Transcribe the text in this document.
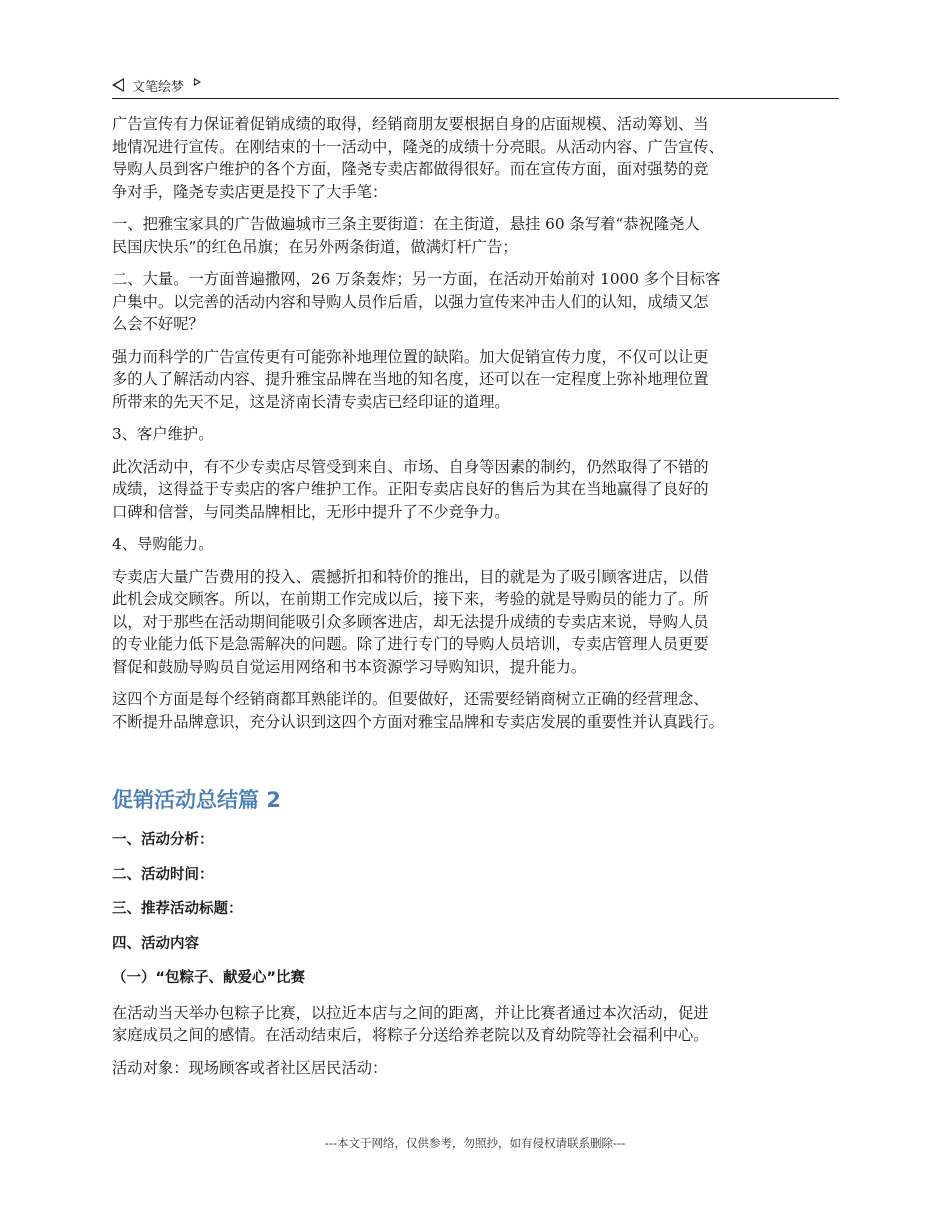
文笔绘梦

广告宣传有力保证着促销成绩的取得，经销商朋友要根据自身的店面规模、活动筹划、当
地情况进行宣传。在刚结束的十一活动中，隆尧的成绩十分亮眼。从活动内容、广告宣传、
导购人员到客户维护的各个方面，隆尧专卖店都做得很好。而在宣传方面，面对强势的竞
争对手，隆尧专卖店更是投下了大手笔：

一、把雅宝家具的广告做遍城市三条主要街道：在主街道，悬挂 60 条写着“恭祝隆尧人
民国庆快乐”的红色吊旗；在另外两条街道，做满灯杆广告；

二、大量。一方面普遍撒网，26 万条轰炸；另一方面，在活动开始前对 1000 多个目标客
户集中。以完善的活动内容和导购人员作后盾，以强力宣传来冲击人们的认知，成绩又怎
么会不好呢？

强力而科学的广告宣传更有可能弥补地理位置的缺陷。加大促销宣传力度，不仅可以让更
多的人了解活动内容、提升雅宝品牌在当地的知名度，还可以在一定程度上弥补地理位置
所带来的先天不足，这是济南长清专卖店已经印证的道理。

3、客户维护。

此次活动中，有不少专卖店尽管受到来自、市场、自身等因素的制约，仍然取得了不错的
成绩，这得益于专卖店的客户维护工作。正阳专卖店良好的售后为其在当地赢得了良好的
口碑和信誉，与同类品牌相比，无形中提升了不少竞争力。

4、导购能力。

专卖店大量广告费用的投入、震撼折扣和特价的推出，目的就是为了吸引顾客进店，以借
此机会成交顾客。所以，在前期工作完成以后，接下来，考验的就是导购员的能力了。所
以，对于那些在活动期间能吸引众多顾客进店，却无法提升成绩的专卖店来说，导购人员
的专业能力低下是急需解决的问题。除了进行专门的导购人员培训，专卖店管理人员更要
督促和鼓励导购员自觉运用网络和书本资源学习导购知识，提升能力。

这四个方面是每个经销商都耳熟能详的。但要做好，还需要经销商树立正确的经营理念、
不断提升品牌意识，充分认识到这四个方面对雅宝品牌和专卖店发展的重要性并认真践行。

促销活动总结篇 2

一、活动分析：

二、活动时间：

三、推荐活动标题：

四、活动内容

（一）“包粽子、献爱心”比赛

在活动当天举办包粽子比赛，以拉近本店与之间的距离，并让比赛者通过本次活动，促进
家庭成员之间的感情。在活动结束后，将粽子分送给养老院以及育幼院等社会福利中心。

活动对象：现场顾客或者社区居民活动：

---本文于网络，仅供参考，勿照抄，如有侵权请联系删除---
